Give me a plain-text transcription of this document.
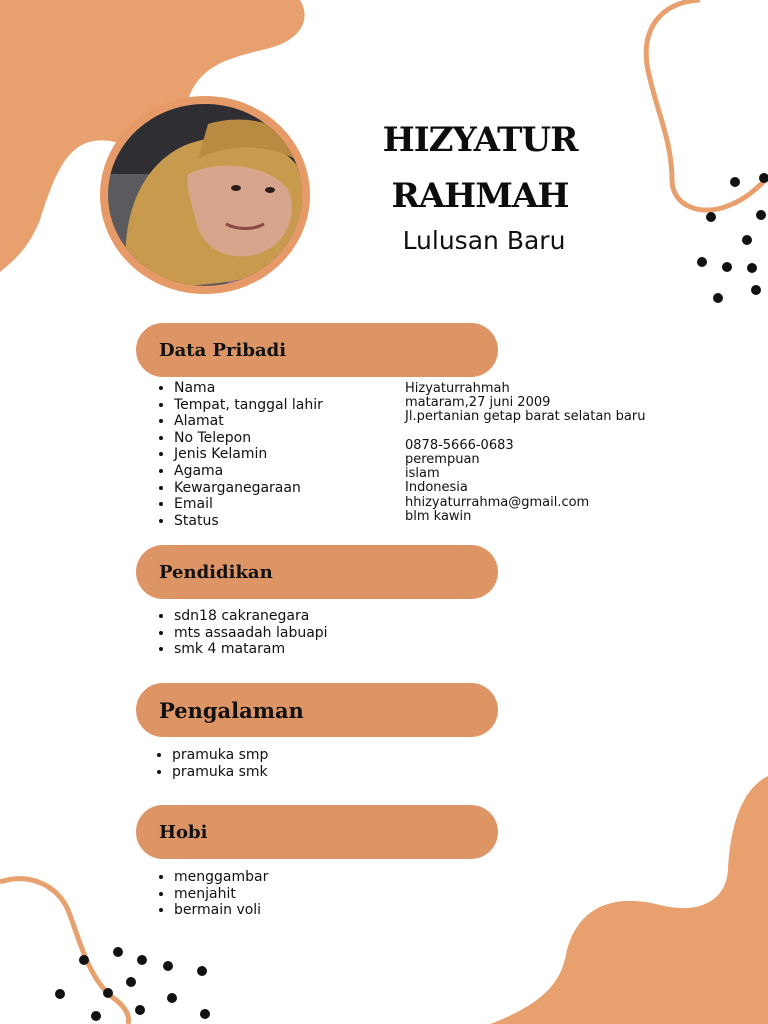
HIZYATUR
RAHMAH
Lulusan Baru
Data Pribadi
• Nama
• Tempat, tanggal lahir
• Alamat
• No Telepon
• Jenis Kelamin
• Agama
• Kewarganegaraan
• Email
• Status
Hizyaturrahmah
mataram,27 juni 2009
Jl.pertanian getap barat selatan baru
0878-5666-0683
perempuan
islam
Indonesia
hhizyaturrahma@gmail.com
blm kawin
Pendidikan
• sdn18 cakranegara
• mts assaadah labuapi
• smk 4 mataram
Pengalaman
• pramuka smp
• pramuka smk
Hobi
• menggambar
• menjahit
• bermain voli
